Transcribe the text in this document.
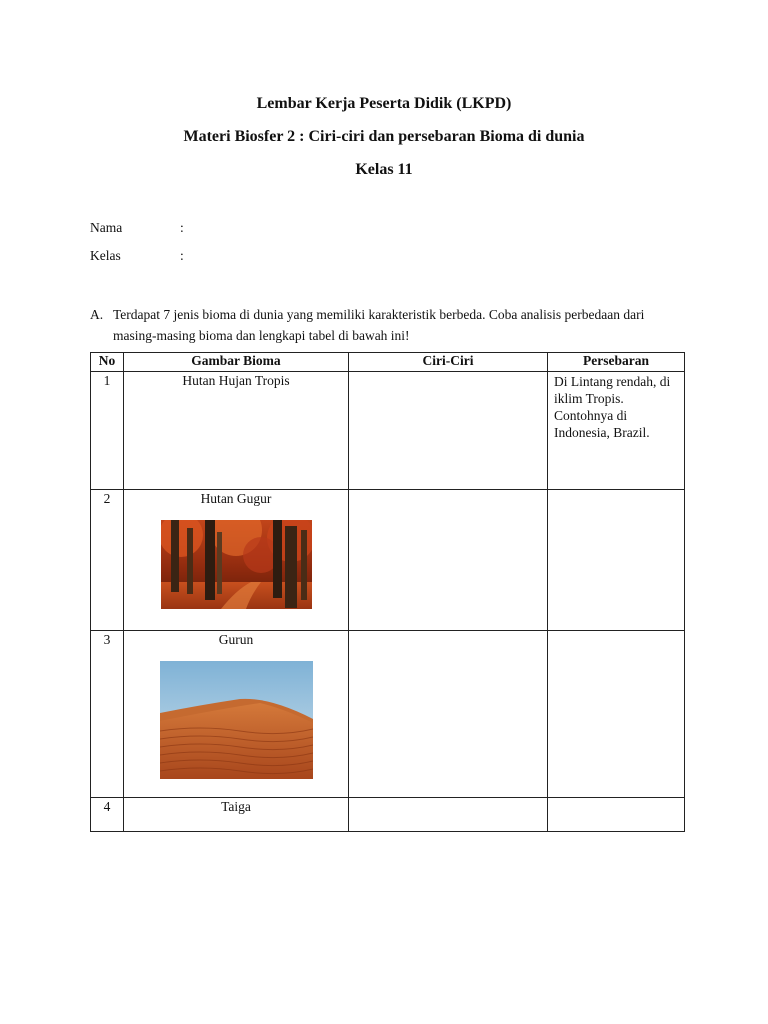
Lembar Kerja Peserta Didik (LKPD)
Materi Biosfer 2 : Ciri-ciri dan persebaran Bioma di dunia
Kelas 11
Nama	:
Kelas	:
A. Terdapat 7 jenis bioma di dunia yang memiliki karakteristik berbeda. Coba analisis perbedaan dari masing-masing bioma dan lengkapi tabel di bawah ini!
No	Gambar Bioma	Ciri-Ciri	Persebaran
1	Hutan Hujan Tropis		Di Lintang rendah, di iklim Tropis. Contohnya di Indonesia, Brazil.
2	Hutan Gugur		

3	Gurun		

4	Taiga		
